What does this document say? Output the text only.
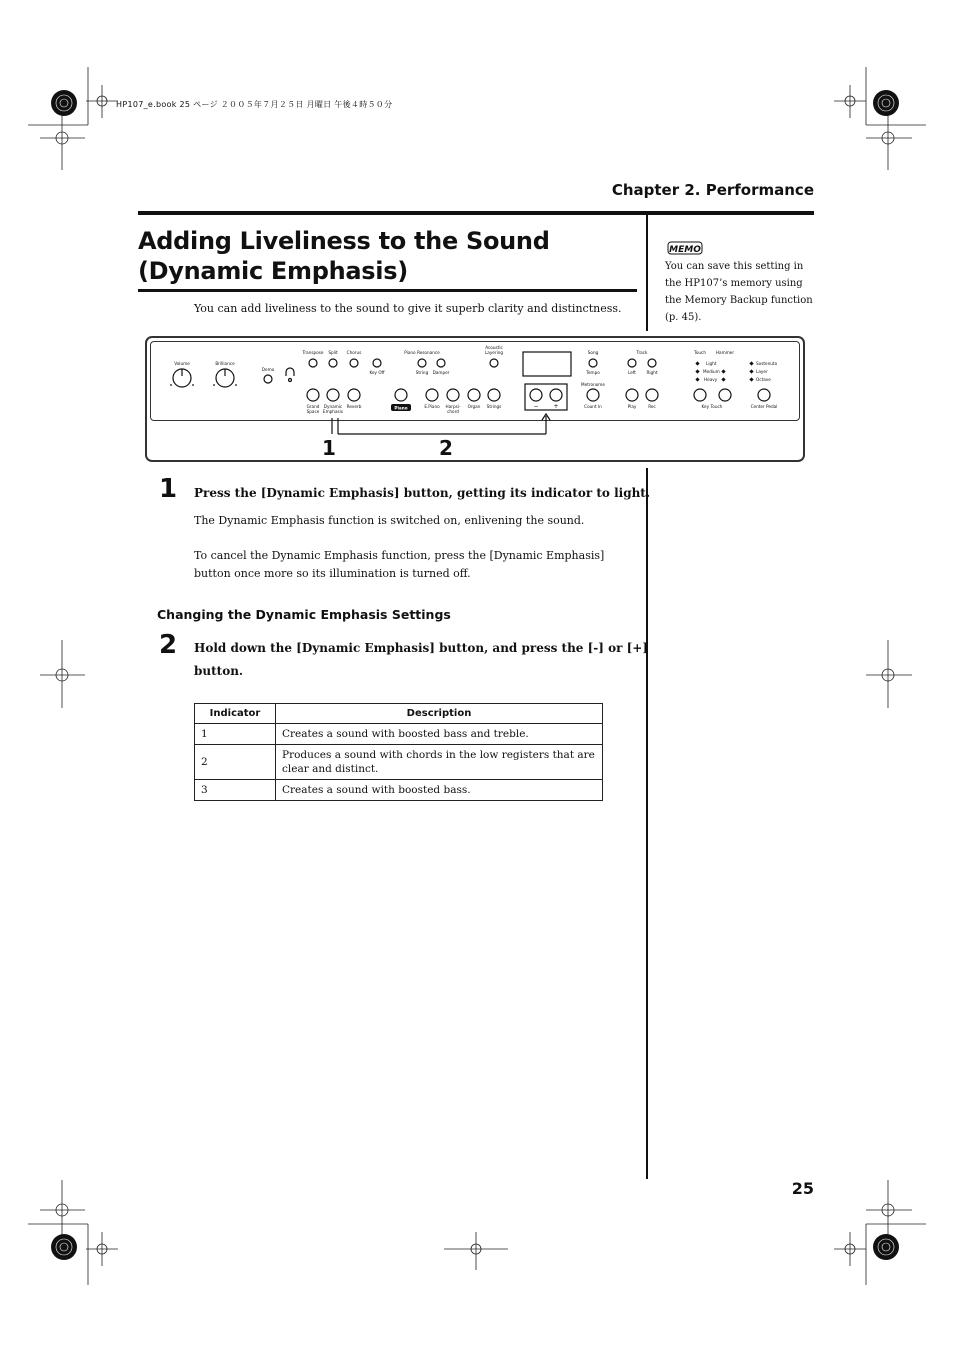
HP107_e.book 25 ページ ２００５年７月２５日 月曜日 午後４時５０分
Chapter 2. Performance
Adding Liveliness to the Sound
(Dynamic Emphasis)
You can add liveliness to the sound to give it superb clarity and distinctness.
MEMO
You can save this setting in the HP107’s memory using the Memory Backup function (p. 45).
Volume	Brilliance
Demo
Transpose Split Chorus	Piano Resonance
Key Off	String Damper
Acoustic
Layering
Grand
Space
Dynamic
Emphasis
Reverb	Piano	E.Piano Harpsi-
chord
Organ Strings	− +
Song
Tempo
Metronome
Count In
Track
Left	Right
Play	Rec
Touch Hammer
Key Touch	Center Pedal
Light
Medium
Heavy
Sostenuto
Layer
Octave
1	2
1 Press the [Dynamic Emphasis] button, getting its indicator to light.
The Dynamic Emphasis function is switched on, enlivening the sound.
To cancel the Dynamic Emphasis function, press the [Dynamic Emphasis] button once more so its illumination is turned off.
Changing the Dynamic Emphasis Settings
2 Hold down the [Dynamic Emphasis] button, and press the [-] or [+]
button.
Indicator	Description
1	Creates a sound with boosted bass and treble.
2	Produces a sound with chords in the low registers that are clear and distinct.
3	Creates a sound with boosted bass.
25
